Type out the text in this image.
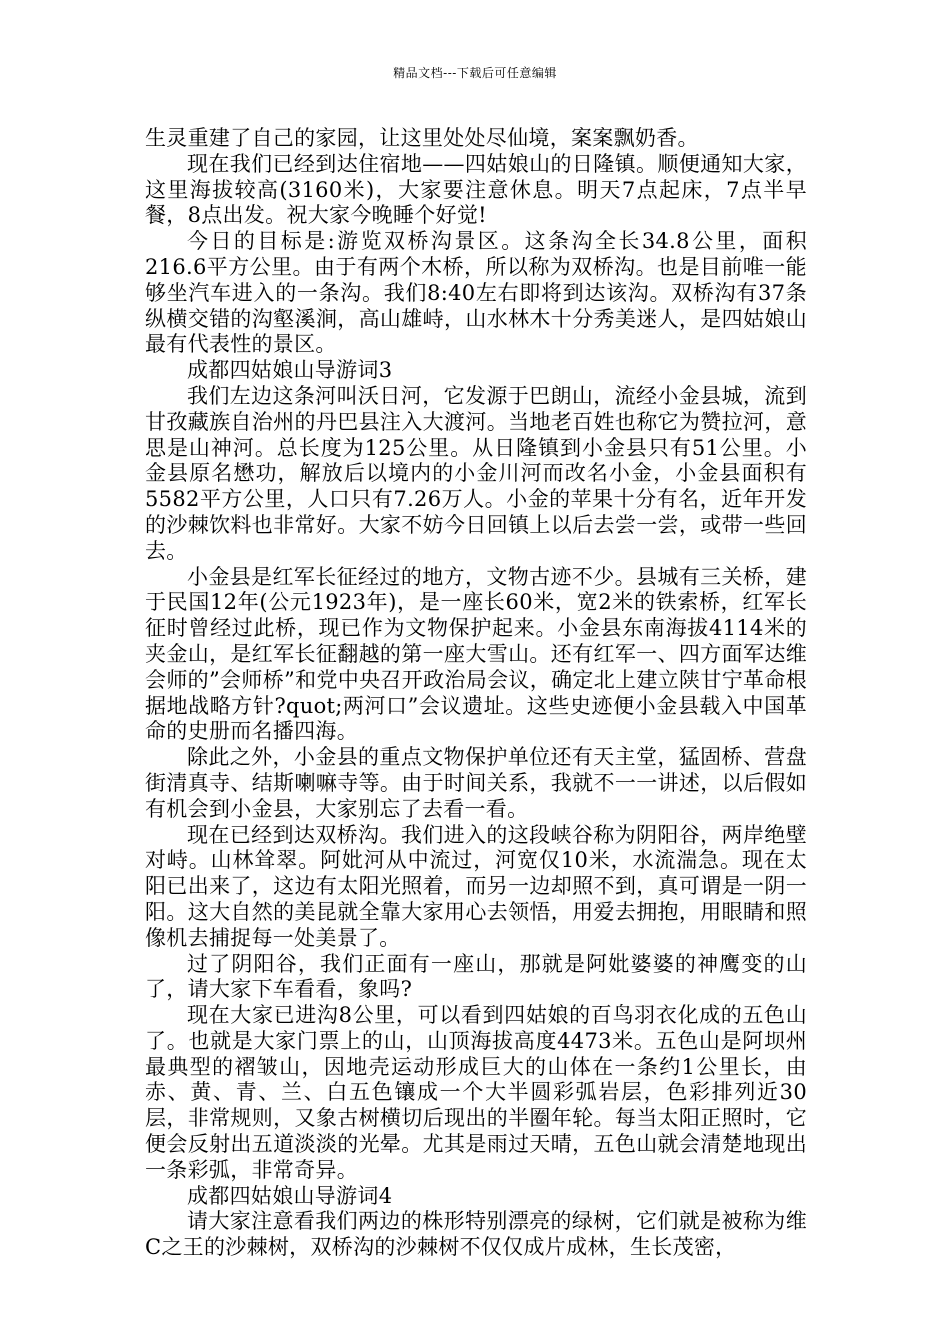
精品文档---下载后可任意编辑

生灵重建了自己的家园，让这里处处尽仙境，案案飘奶香。

现在我们已经到达住宿地——四姑娘山的日隆镇。顺便通知大家，这里海拔较高(3160米)，大家要注意休息。明天7点起床，7点半早餐，8点出发。祝大家今晚睡个好觉!

今日的目标是:游览双桥沟景区。这条沟全长34.8公里，面积216.6平方公里。由于有两个木桥，所以称为双桥沟。也是目前唯一能够坐汽车进入的一条沟。我们8:40左右即将到达该沟。双桥沟有37条纵横交错的沟壑溪涧，高山雄峙，山水林木十分秀美迷人，是四姑娘山最有代表性的景区。

成都四姑娘山导游词3

我们左边这条河叫沃日河，它发源于巴朗山，流经小金县城，流到甘孜藏族自治州的丹巴县注入大渡河。当地老百姓也称它为赞拉河，意思是山神河。总长度为125公里。从日隆镇到小金县只有51公里。小金县原名懋功，解放后以境内的小金川河而改名小金，小金县面积有5582平方公里，人口只有7.26万人。小金的苹果十分有名，近年开发的沙棘饮料也非常好。大家不妨今日回镇上以后去尝一尝，或带一些回去。

小金县是红军长征经过的地方，文物古迹不少。县城有三关桥，建于民国12年(公元1923年)，是一座长60米，宽2米的铁索桥，红军长征时曾经过此桥，现已作为文物保护起来。小金县东南海拔4114米的夹金山，是红军长征翻越的第一座大雪山。还有红军一、四方面军达维会师的”会师桥”和党中央召开政治局会议，确定北上建立陕甘宁革命根据地战略方针?quot;两河口”会议遗址。这些史迹便小金县载入中国革命的史册而名播四海。

除此之外，小金县的重点文物保护单位还有天主堂，猛固桥、营盘街清真寺、结斯喇嘛寺等。由于时间关系，我就不一一讲述，以后假如有机会到小金县，大家别忘了去看一看。

现在已经到达双桥沟。我们进入的这段峡谷称为阴阳谷，两岸绝壁对峙。山林耸翠。阿妣河从中流过，河宽仅10米，水流湍急。现在太阳已出来了，这边有太阳光照着，而另一边却照不到，真可谓是一阴一阳。这大自然的美昆就全靠大家用心去领悟，用爱去拥抱，用眼睛和照像机去捕捉每一处美景了。

过了阴阳谷，我们正面有一座山，那就是阿妣婆婆的神鹰变的山了，请大家下车看看，象吗?

现在大家已进沟8公里，可以看到四姑娘的百鸟羽衣化成的五色山了。也就是大家门票上的山，山顶海拔高度4473米。五色山是阿坝州最典型的褶皱山，因地壳运动形成巨大的山体在一条约1公里长，由赤、黄、青、兰、白五色镶成一个大半圆彩弧岩层，色彩排列近30层，非常规则，又象古树横切后现出的半圈年轮。每当太阳正照时，它便会反射出五道淡淡的光晕。尤其是雨过天晴，五色山就会清楚地现出一条彩弧，非常奇异。

成都四姑娘山导游词4

请大家注意看我们两边的株形特别漂亮的绿树，它们就是被称为维C之王的沙棘树，双桥沟的沙棘树不仅仅成片成林，生长茂密，
